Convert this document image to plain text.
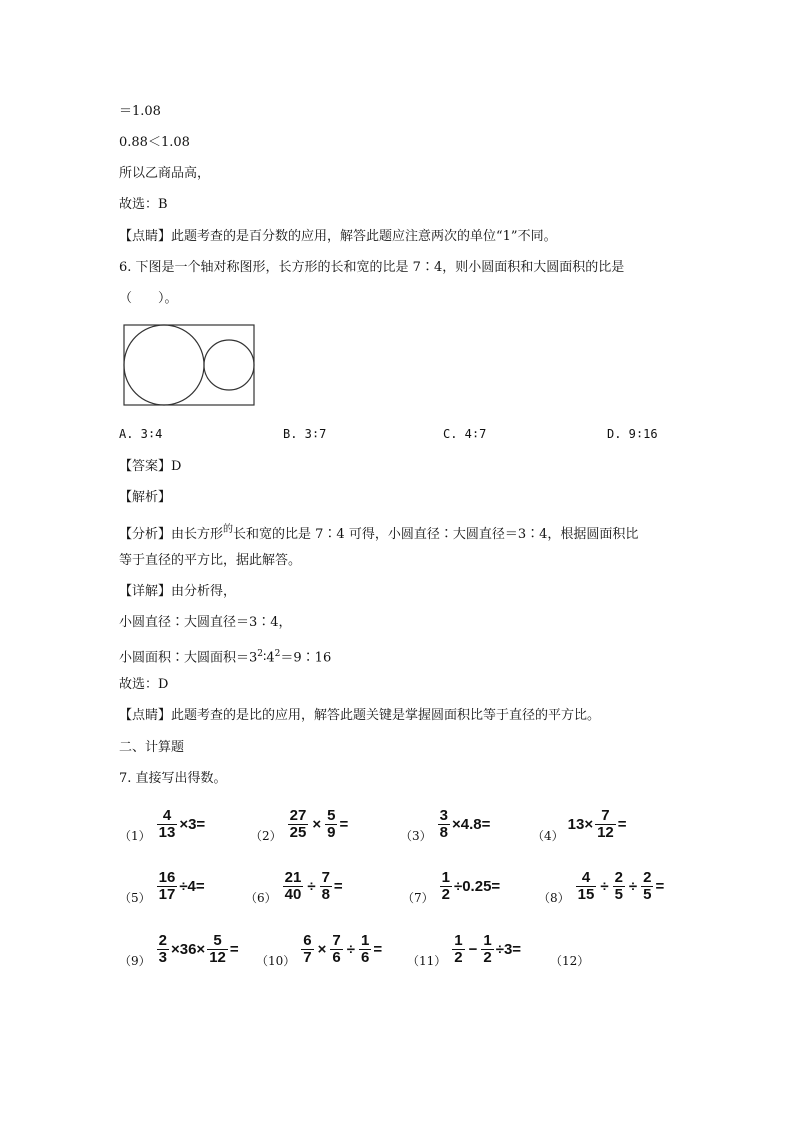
＝1.08
0.88＜1.08
所以乙商品高，
故选：B
【点睛】此题考查的是百分数的应用，解答此题应注意两次的单位“1”不同。
6. 下图是一个轴对称图形，长方形的长和宽的比是 7∶4，则小圆面积和大圆面积的比是
（　　）。
A. 3∶4	B. 3∶7	C. 4∶7	D. 9∶16
【答案】D
【解析】
【分析】由长方形$^的$长和宽的比是 7∶4 可得，小圆直径∶大圆直径＝3∶4，根据圆面积比
等于直径的平方比，据此解答。
【详解】由分析得，
小圆直径∶大圆直径＝3∶4，
小圆面积∶大圆面积$=3^2∶4^2=9∶16$
故选：D
【点睛】此题考查的是比的应用，解答此题关键是掌握圆面积比等于直径的平方比。
二、计算题
7. 直接写出得数。
$(1) \frac{4}{13} \times 3=$
$(2) \frac{27}{25} \times \frac{5}{9}$ =
$(3) \frac{3}{8} \times 4.8=$
（4）
$13\times \frac{7}{12}$ =
$(5) \frac{16}{17} \div 4=$
$(6) \frac{21}{40} \div \frac{7}{8}$ =
$(7) \frac{1}{2} \div 0.25=$
$(8) \frac{4}{15} \div \frac{2}{5} \div \frac{2}{5}$ =
$(9) \frac{2}{3} \times 36\times \frac{5}{12}$ =
$(10) \frac{6}{7} \times \frac{7}{6} \div \frac{1}{6}$ =
$(11) \frac{1}{2} - \frac{1}{2} \div 3=$
（12）
